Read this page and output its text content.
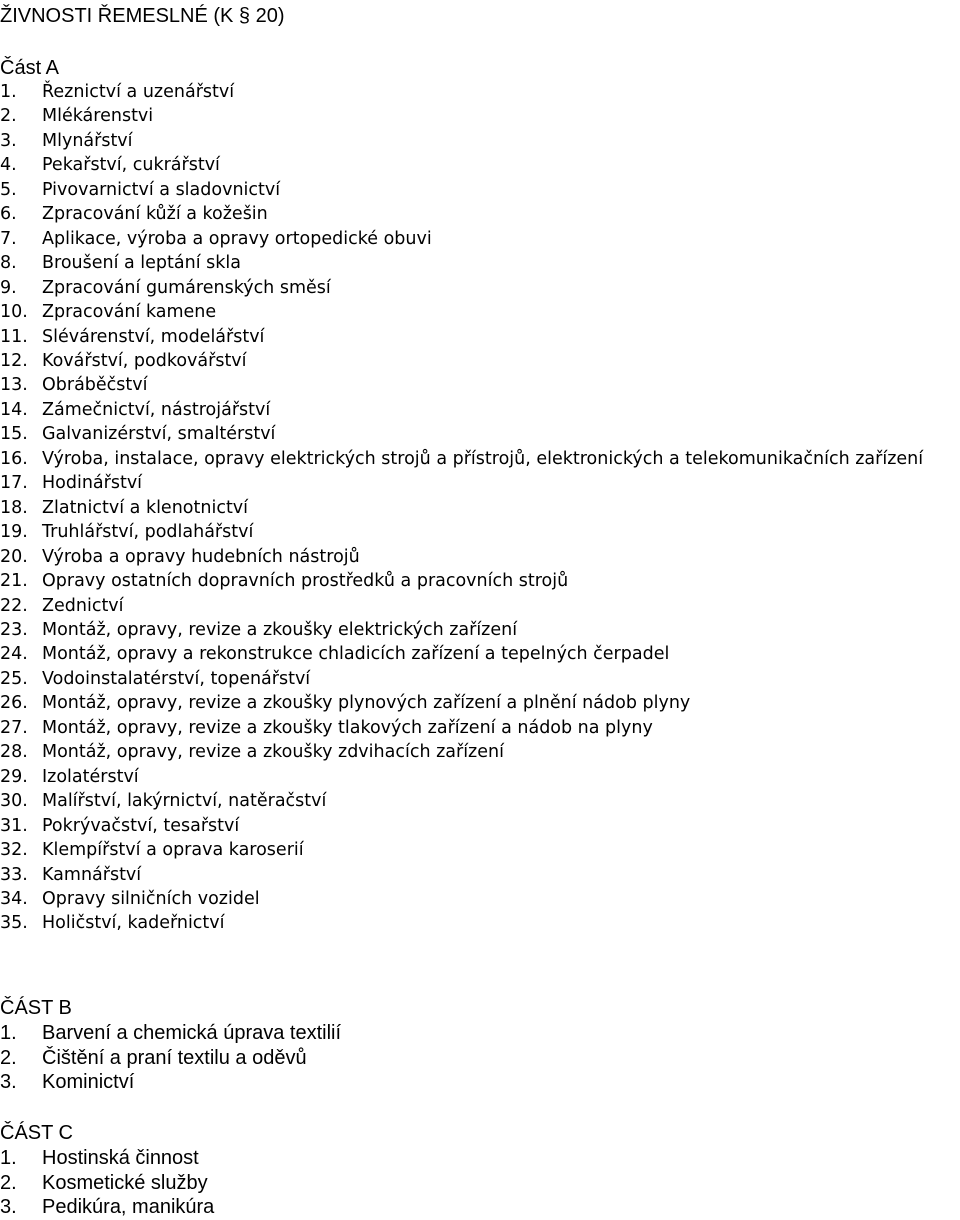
ŽIVNOSTI ŘEMESLNÉ (K § 20)
Část A
1.	Řeznictví a uzenářství
2.	Mlékárenstvi
3.	Mlynářství
4.	Pekařství, cukrářství
5.	Pivovarnictví a sladovnictví
6.	Zpracování kůží a kožešin
7.	Aplikace, výroba a opravy ortopedické obuvi
8.	Broušení a leptání skla
9.	Zpracování gumárenských směsí
10. Zpracování kamene
11. Slévárenství, modelářství
12. Kovářství, podkovářství
13. Obráběčství
14. Zámečnictví, nástrojářství
15. Galvanizérství, smaltérství
16. Výroba, instalace, opravy elektrických strojů a přístrojů, elektronických a telekomunikačních zařízení
17. Hodinářství
18. Zlatnictví a klenotnictví
19. Truhlářství, podlahářství
20. Výroba a opravy hudebních nástrojů
21. Opravy ostatních dopravních prostředků a pracovních strojů
22. Zednictví
23. Montáž, opravy, revize a zkoušky elektrických zařízení
24. Montáž, opravy a rekonstrukce chladicích zařízení a tepelných čerpadel
25. Vodoinstalatérství, topenářství
26. Montáž, opravy, revize a zkoušky plynových zařízení a plnění nádob plyny
27. Montáž, opravy, revize a zkoušky tlakových zařízení a nádob na plyny
28. Montáž, opravy, revize a zkoušky zdvihacích zařízení
29. Izolatérství
30. Malířství, lakýrnictví, natěračství
31. Pokrývačství, tesařství
32. Klempířství a oprava karoserií
33. Kamnářství
34. Opravy silničních vozidel
35. Holičství, kadeřnictví
ČÁST B
1.	Barvení a chemická úprava textilií
2.	Čištění a praní textilu a oděvů
3.	Kominictví
ČÁST C
1.	Hostinská činnost
2.	Kosmetické služby
3.	Pedikúra, manikúra
